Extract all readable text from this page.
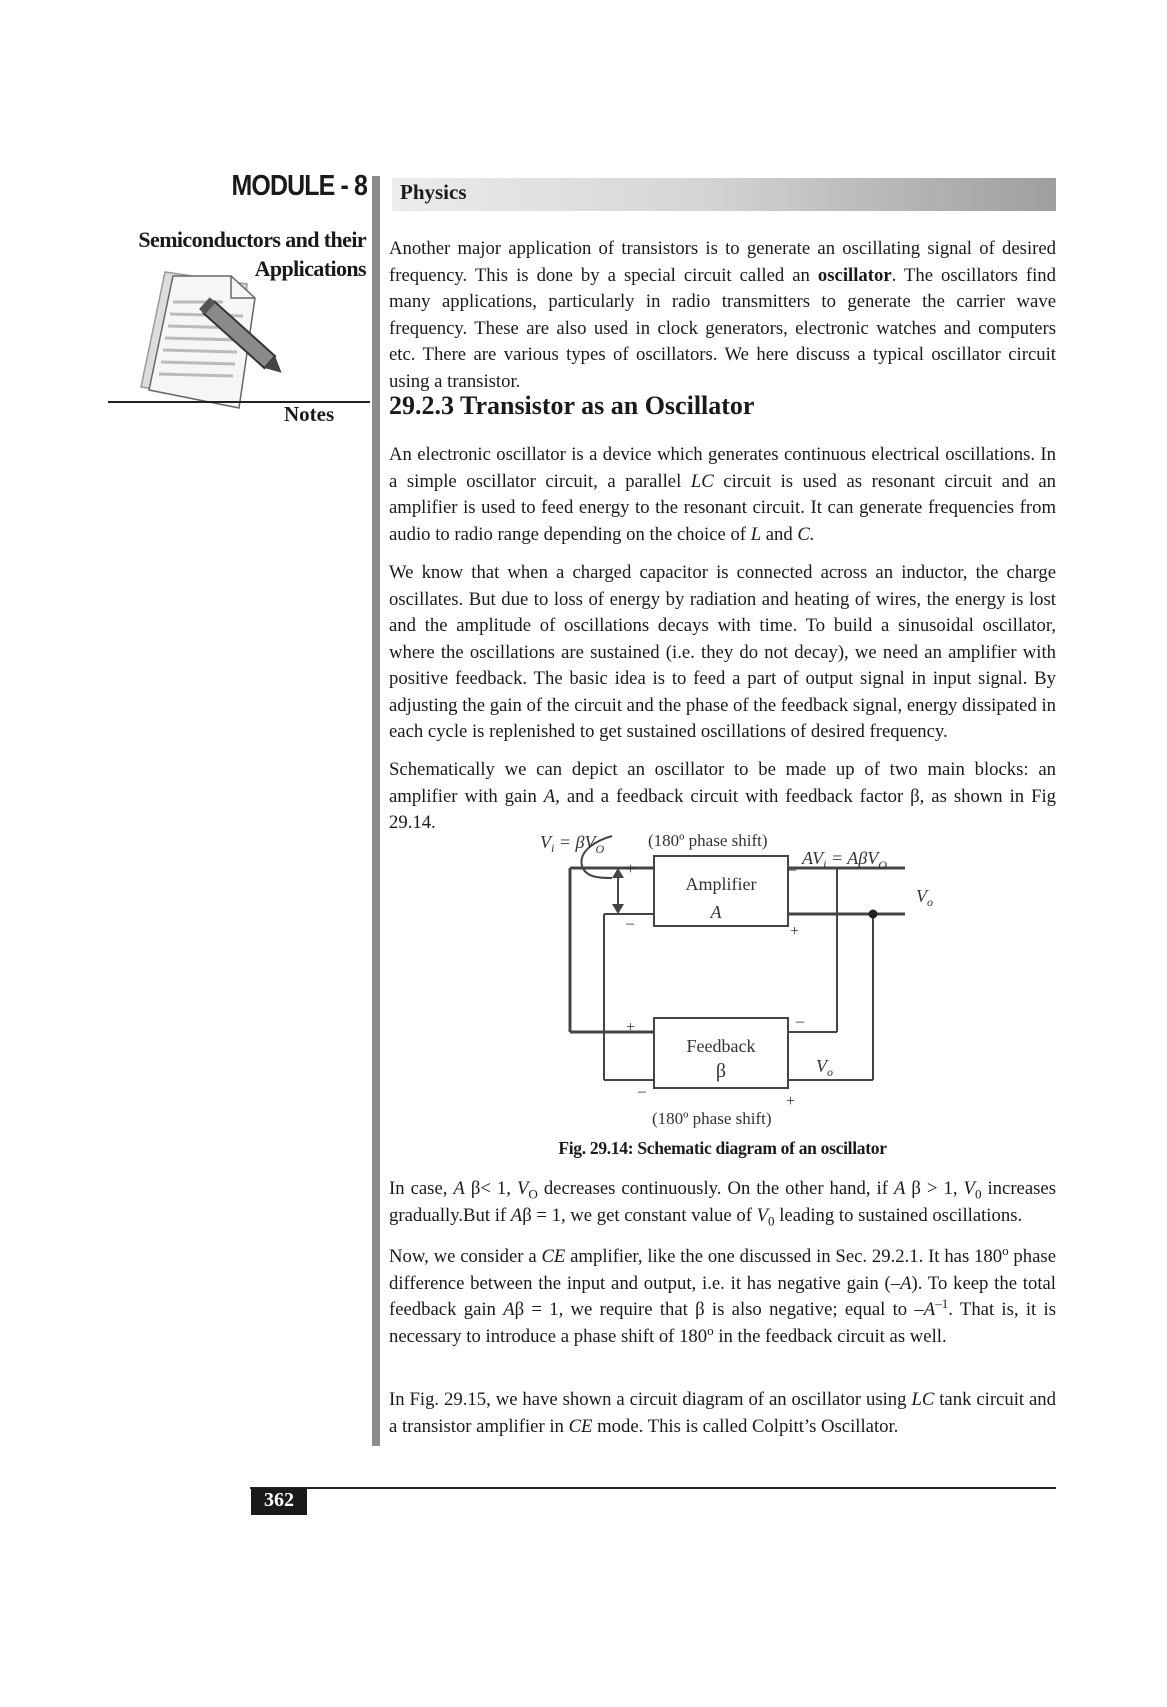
MODULE - 8 Physics
Semiconductors and their
Applications
Notes

Another major application of transistors is to generate an oscillating signal of desired frequency. This is done by a special circuit called an oscillator. The oscillators find many applications, particularly in radio transmitters to generate the carrier wave frequency. These are also used in clock generators, electronic watches and computers etc. There are various types of oscillators. We here discuss a typical oscillator circuit using a transistor.

29.2.3 Transistor as an Oscillator

An electronic oscillator is a device which generates continuous electrical oscillations. In a simple oscillator circuit, a parallel LC circuit is used as resonant circuit and an amplifier is used to feed energy to the resonant circuit. It can generate frequencies from audio to radio range depending on the choice of L and C.

We know that when a charged capacitor is connected across an inductor, the charge oscillates. But due to loss of energy by radiation and heating of wires, the energy is lost and the amplitude of oscillations decays with time. To build a sinusoidal oscillator, where the oscillations are sustained (i.e. they do not decay), we need an amplifier with positive feedback. The basic idea is to feed a part of output signal in input signal. By adjusting the gain of the circuit and the phase of the feedback signal, energy dissipated in each cycle is replenished to get sustained oscillations of desired frequency.

Schematically we can depict an oscillator to be made up of two main blocks: an amplifier with gain A, and a feedback circuit with feedback factor β, as shown in Fig 29.14.

$V_i = \beta V_O$	(180º phase shift)
$AV_i = A\beta V_O$
+	–
–	+
Amplifier
A
$V_o$
+	–
Feedback
β	$V_o$
–
+
(180º phase shift)
Fig. 29.14: Schematic diagram of an oscillator

In case, A β< 1, $V_O$ decreases continuously. On the other hand, if A β > 1, $V_0$ increases gradually.But if Aβ = 1, we get constant value of $V_0$ leading to sustained oscillations.

Now, we consider a CE amplifier, like the one discussed in Sec. 29.2.1. It has 180$^o$ phase difference between the input and output, i.e. it has negative gain (–A). To keep the total feedback gain Aβ = 1, we require that β is also negative; equal to $-A^{-1}$. That is, it is necessary to introduce a phase shift of 180$^o$ in the feedback circuit as well.

In Fig. 29.15, we have shown a circuit diagram of an oscillator using LC tank circuit and a transistor amplifier in CE mode. This is called Colpitt’s Oscillator.

362
